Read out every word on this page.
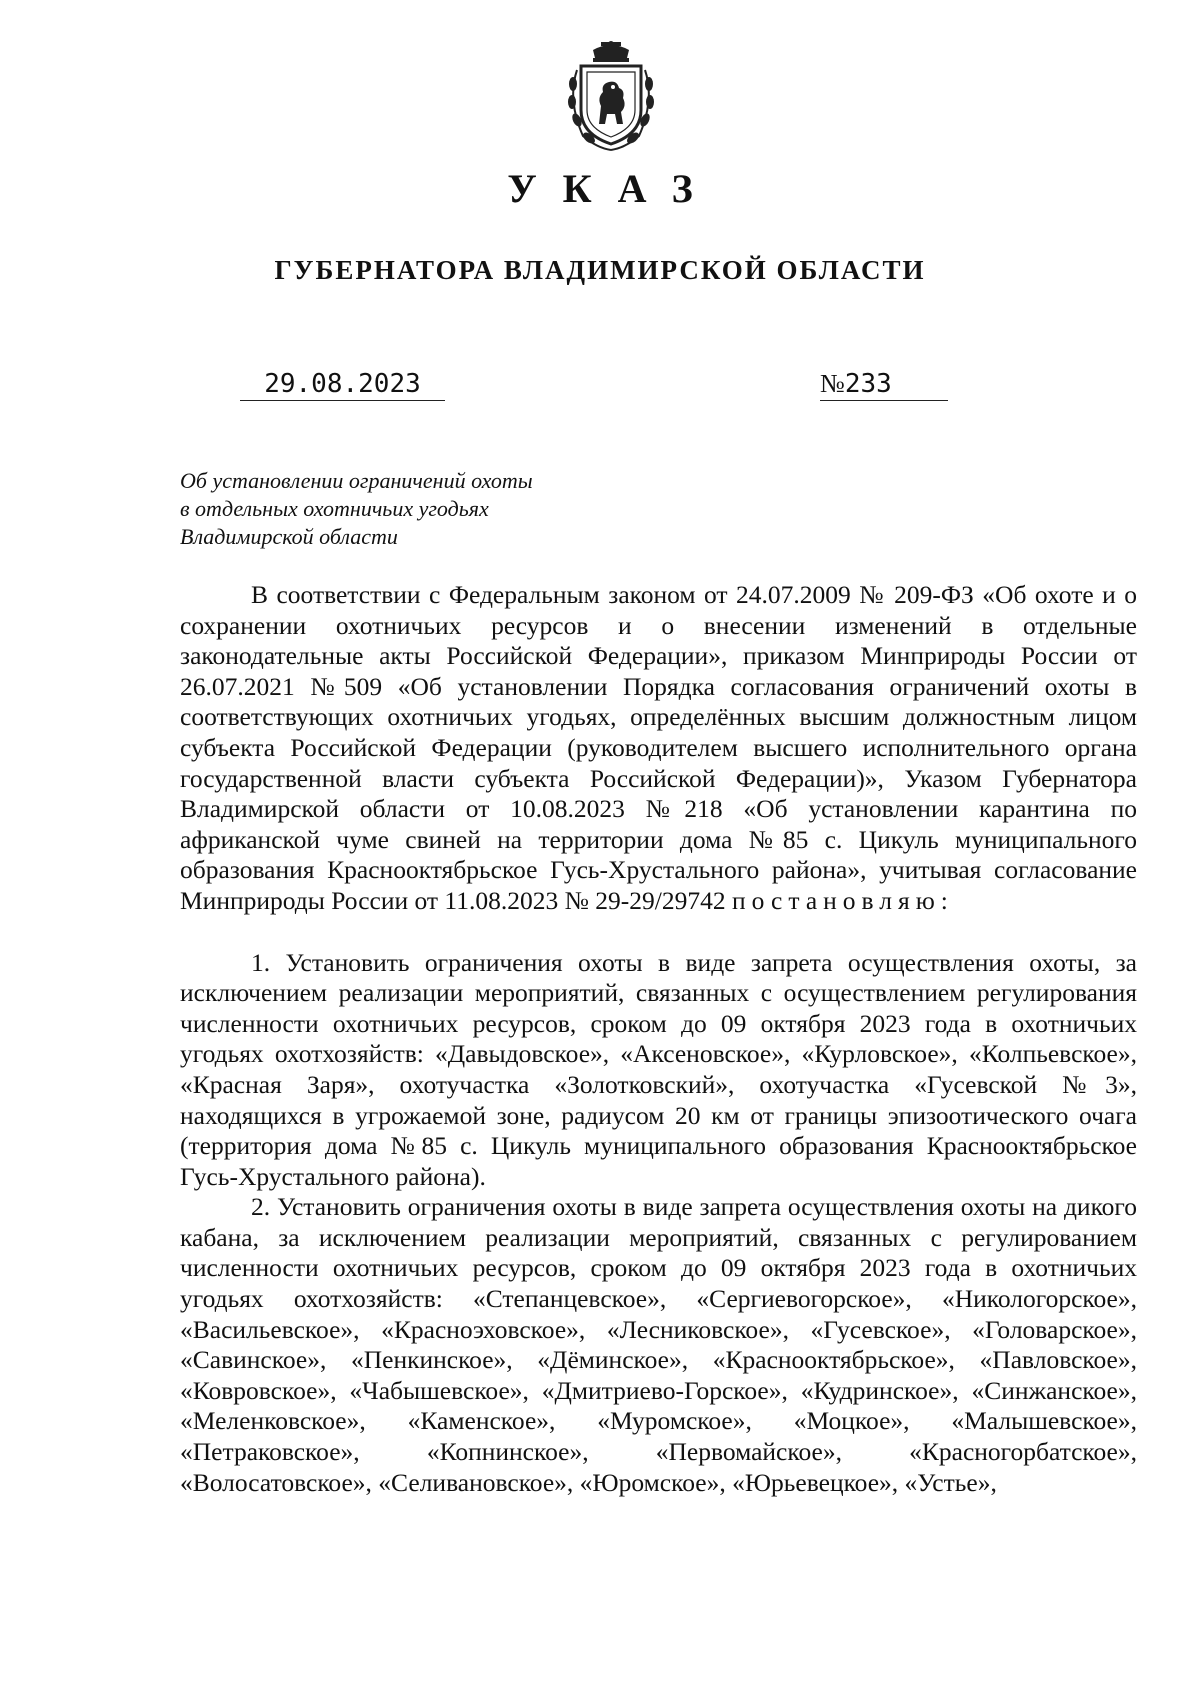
УКАЗ
ГУБЕРНАТОРА ВЛАДИМИРСКОЙ ОБЛАСТИ
29.08.2023	№233
Об установлении ограничений охоты
в отдельных охотничьих угодьях
Владимирской области

В соответствии с Федеральным законом от 24.07.2009 № 209-ФЗ «Об охоте и о сохранении охотничьих ресурсов и о внесении изменений в отдельные законодательные акты Российской Федерации», приказом Минприроды России от 26.07.2021 №509 «Об установлении Порядка согласования ограничений охоты в соответствующих охотничьих угодьях, определённых высшим должностным лицом субъекта Российской Федерации (руководителем высшего исполнительного органа государственной власти субъекта Российской Федерации)», Указом Губернатора Владимирской области от 10.08.2023 №218 «Об установлении карантина по африканской чуме свиней на территории дома №85 с. Цикуль муниципального образования Краснооктябрьское Гусь-Хрустального района», учитывая согласование Минприроды России от 11.08.2023 № 29-29/29742 постановляю:

1. Установить ограничения охоты в виде запрета осуществления охоты, за исключением реализации мероприятий, связанных с осуществлением регулирования численности охотничьих ресурсов, сроком до 09 октября 2023 года в охотничьих угодьях охотхозяйств: «Давыдовское», «Аксеновское», «Курловское», «Колпьевское», «Красная Заря», охотучастка «Золотковский», охотучастка «Гусевской №3», находящихся в угрожаемой зоне, радиусом 20 км от границы эпизоотического очага (территория дома №85 с. Цикуль муниципального образования Краснооктябрьское Гусь-Хрустального района).

2. Установить ограничения охоты в виде запрета осуществления охоты на дикого кабана, за исключением реализации мероприятий, связанных с регулированием численности охотничьих ресурсов, сроком до 09 октября 2023 года в охотничьих угодьях охотхозяйств: «Степанцевское», «Сергиевогорское», «Никологорское», «Васильевское», «Красноэховское», «Лесниковское», «Гусевское», «Головарское», «Савинское», «Пенкинское», «Дёминское», «Краснооктябрьское», «Павловское», «Ковровское», «Чабышевское», «Дмитриево-Горское», «Кудринское», «Синжанское», «Меленковское», «Каменское», «Муромское», «Моцкое», «Малышевское», «Петраковское», «Копнинское», «Первомайское», «Красногорбатское», «Волосатовское», «Селивановское», «Юромское», «Юрьевецкое», «Устье»,
